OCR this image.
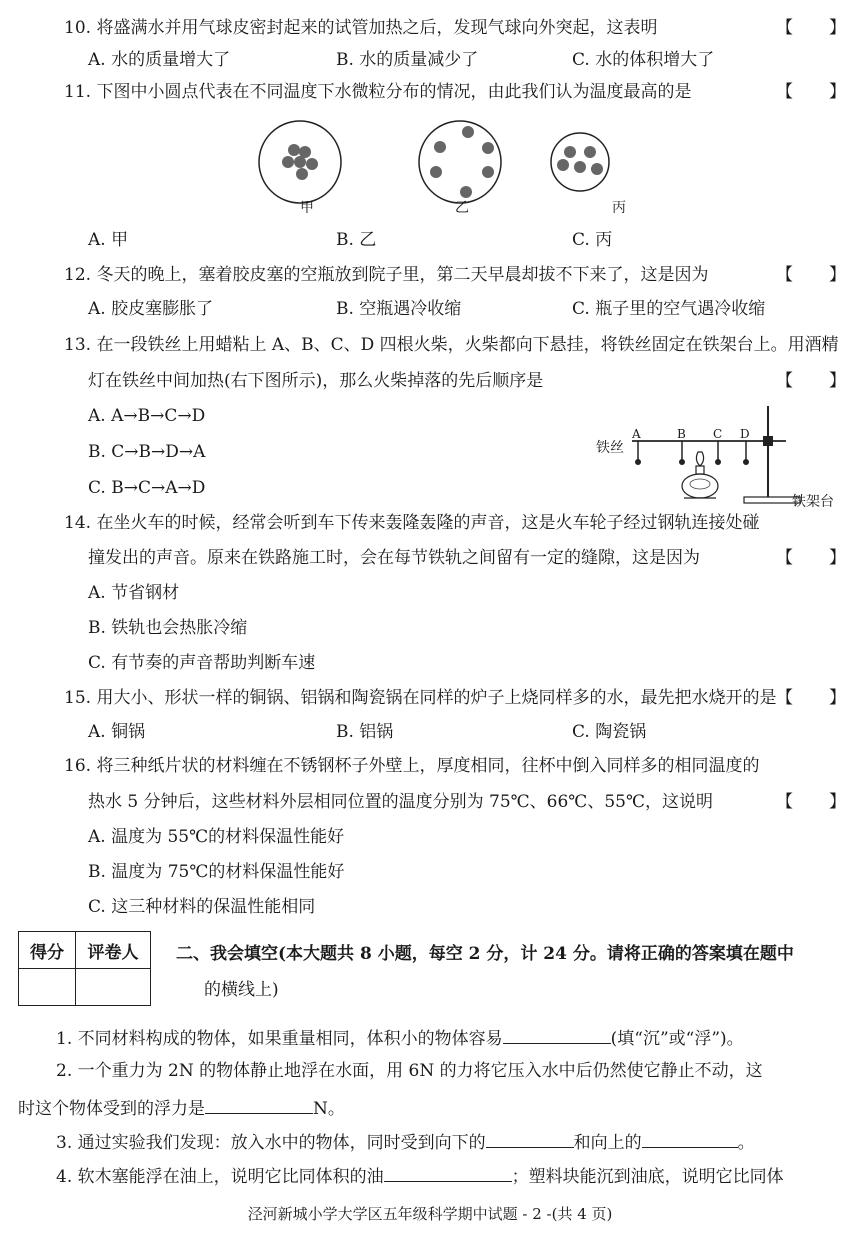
10. 将盛满水并用气球皮密封起来的试管加热之后，发现气球向外突起，这表明	【 】
A. 水的质量增大了	B. 水的质量减少了	C. 水的体积增大了
11. 下图中小圆点代表在不同温度下水微粒分布的情况，由此我们认为温度最高的是	【 】
甲	乙	丙
A. 甲	B. 乙	C. 丙
12. 冬天的晚上，塞着胶皮塞的空瓶放到院子里，第二天早晨却拔不下来了，这是因为	【 】
A. 胶皮塞膨胀了	B. 空瓶遇冷收缩	C. 瓶子里的空气遇冷收缩
13. 在一段铁丝上用蜡粘上 A、B、C、D 四根火柴，火柴都向下悬挂，将铁丝固定在铁架台上。用酒精
灯在铁丝中间加热(右下图所示)，那么火柴掉落的先后顺序是	【 】
A. A→B→C→D
B. C→B→D→A
C. B→C→A→D
铁丝
A	B C D
铁架台
14. 在坐火车的时候，经常会听到车下传来轰隆轰隆的声音，这是火车轮子经过钢轨连接处碰
撞发出的声音。原来在铁路施工时，会在每节铁轨之间留有一定的缝隙，这是因为	【 】
A. 节省钢材
B. 铁轨也会热胀冷缩
C. 有节奏的声音帮助判断车速
15. 用大小、形状一样的铜锅、铝锅和陶瓷锅在同样的炉子上烧同样多的水，最先把水烧开的是 【 】
A. 铜锅	B. 铝锅	C. 陶瓷锅
16. 将三种纸片状的材料缠在不锈钢杯子外壁上，厚度相同，往杯中倒入同样多的相同温度的
热水 5 分钟后，这些材料外层相同位置的温度分别为 75℃、66℃、55℃，这说明	【 】
A. 温度为 55℃的材料保温性能好
B. 温度为 75℃的材料保温性能好
C. 这三种材料的保温性能相同
得分	评卷人
	二、我会填空(本大题共 8 小题，每空 2 分，计 24 分。请将正确的答案填在题中
的横线上)
1. 不同材料构成的物体，如果重量相同，体积小的物体容易	(填“沉”或“浮”)。
2. 一个重力为 2N 的物体静止地浮在水面，用 6N 的力将它压入水中后仍然使它静止不动，这
时这个物体受到的浮力是	N。
3. 通过实验我们发现：放入水中的物体，同时受到向下的	和向上的	。
4. 软木塞能浮在油上，说明它比同体积的油	；塑料块能沉到油底，说明它比同体
泾河新城小学大学区五年级科学期中试题 - 2 -(共 4 页)
